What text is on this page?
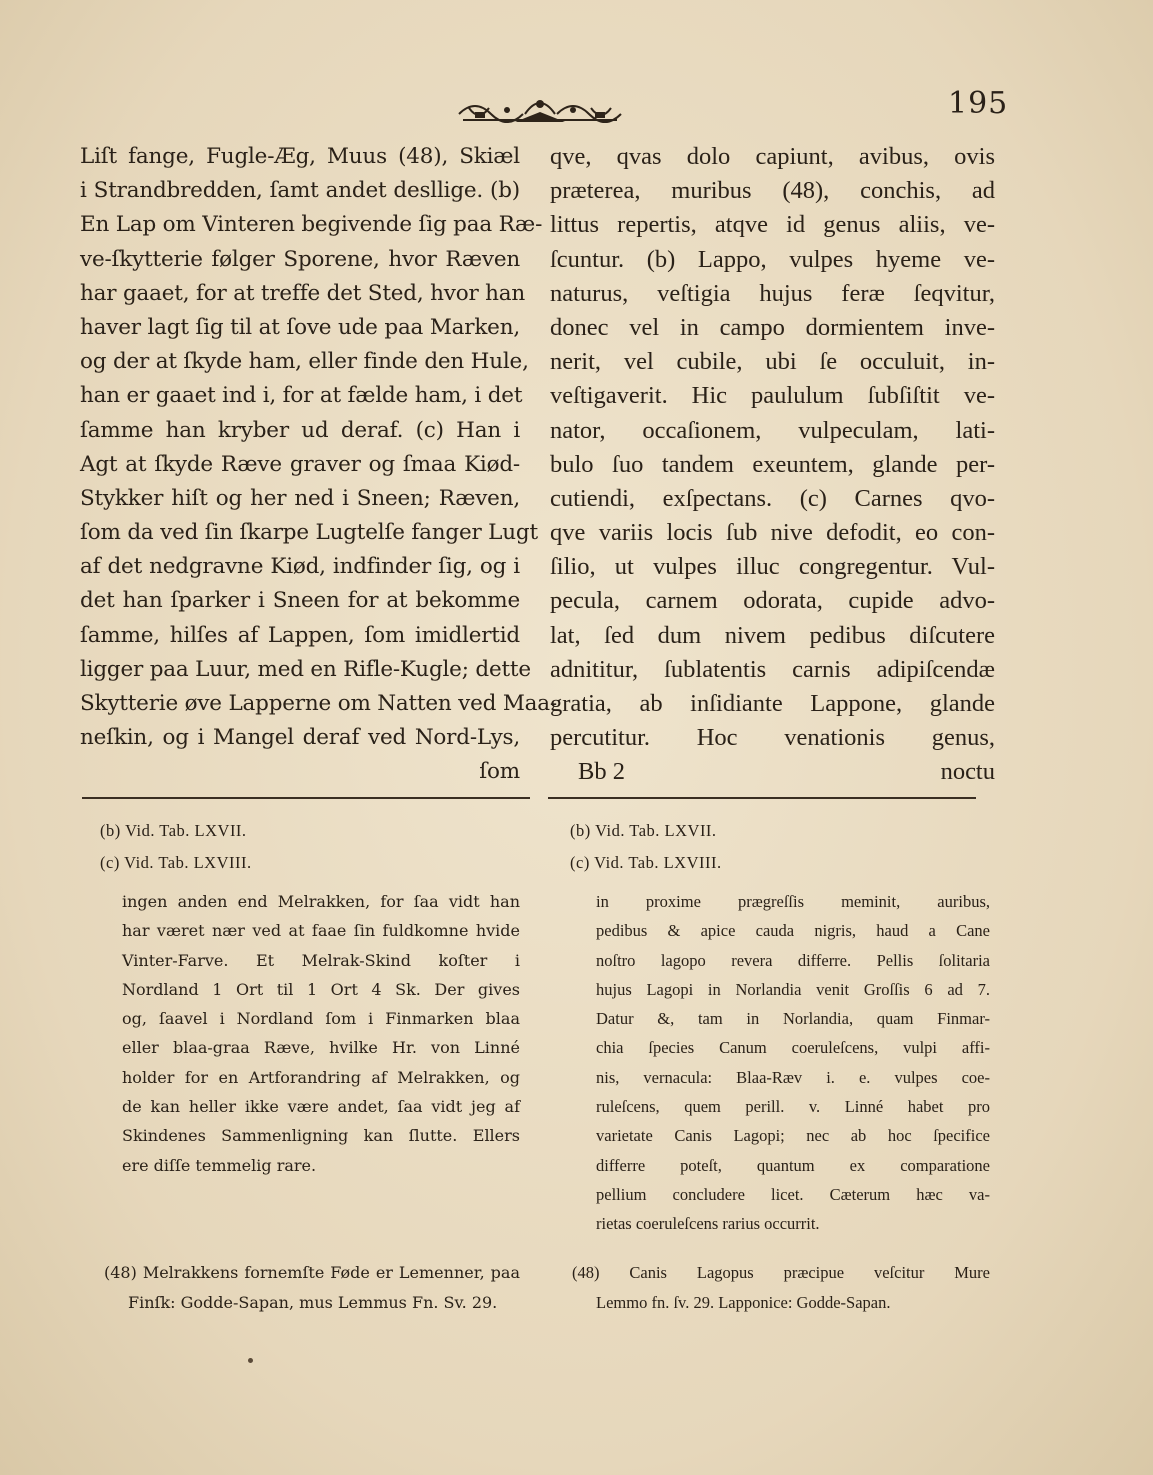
195
Liſt fange, Fugle-Æg, Muus (48), Skiæl
i Strandbredden, ſamt andet desllige. (b)
En Lap om Vinteren begivende ſig paa Ræ-
ve-ſkytterie følger Sporene, hvor Ræven
har gaaet, for at treffe det Sted, hvor han
haver lagt ſig til at ſove ude paa Marken,
og der at ſkyde ham, eller finde den Hule,
han er gaaet ind i, for at fælde ham, i det
ſamme han kryber ud deraf. (c) Han i
Agt at ſkyde Ræve graver og ſmaa Kiød-
Stykker hiſt og her ned i Sneen; Ræven,
ſom da ved ſin ſkarpe Lugtelſe fanger Lugt
af det nedgravne Kiød, indfinder ſig, og i
det han ſparker i Sneen for at bekomme
ſamme, hilſes af Lappen, ſom imidlertid
ligger paa Luur, med en Rifle-Kugle; dette
Skytterie øve Lapperne om Natten ved Maa-
neſkin, og i Mangel deraf ved Nord-Lys,
ſom
qve, qvas dolo capiunt, avibus, ovis
præterea, muribus (48), conchis, ad
littus repertis, atqve id genus aliis, ve-
ſcuntur. (b) Lappo, vulpes hyeme ve-
naturus, veſtigia hujus feræ ſeqvitur,
donec vel in campo dormientem inve-
nerit, vel cubile, ubi ſe occuluit, in-
veſtigaverit. Hic paululum ſubſiſtit ve-
nator, occaſionem, vulpeculam, lati-
bulo ſuo tandem exeuntem, glande per-
cutiendi, exſpectans. (c) Carnes qvo-
qve variis locis ſub nive defodit, eo con-
ſilio, ut vulpes illuc congregentur. Vul-
pecula, carnem odorata, cupide advo-
lat, ſed dum nivem pedibus diſcutere
adnititur, ſublatentis carnis adipiſcendæ
gratia, ab inſidiante Lappone, glande
percutitur. Hoc venationis genus,
Bb 2	noctu
(b) Vid. Tab. LXVII.
(c) Vid. Tab. LXVIII.
ingen anden end Melrakken, for ſaa vidt han
har været nær ved at faae ſin fuldkomne hvide
Vinter-Farve. Et Melrak-Skind koſter i
Nordland 1 Ort til 1 Ort 4 Sk. Der gives
og, ſaavel i Nordland ſom i Finmarken blaa
eller blaa-graa Ræve, hvilke Hr. von Linné
holder for en Artforandring af Melrakken, og
de kan heller ikke være andet, ſaa vidt jeg af
Skindenes Sammenligning kan ſlutte. Ellers
ere diſſe temmelig rare.
(b) Vid. Tab. LXVII.
(c) Vid. Tab. LXVIII.
in proxime prægreſſis meminit, auribus,
pedibus & apice cauda nigris, haud a Cane
noſtro lagopo revera differre. Pellis ſolitaria
hujus Lagopi in Norlandia venit Groſſis 6 ad 7.
Datur &, tam in Norlandia, quam Finmar-
chia ſpecies Canum coeruleſcens, vulpi affi-
nis, vernacula: Blaa-Ræv i. e. vulpes coe-
ruleſcens, quem perill. v. Linné habet pro
varietate Canis Lagopi; nec ab hoc ſpecifice
differre poteſt, quantum ex comparatione
pellium concludere licet. Cæterum hæc va-
rietas coeruleſcens rarius occurrit.
(48) Melrakkens fornemſte Føde er Lemenner, paa
Finſk: Godde-Sapan, mus Lemmus Fn. Sv. 29.
(48) Canis Lagopus præcipue veſcitur Mure
Lemmo fn. ſv. 29. Lapponice: Godde-Sapan.
